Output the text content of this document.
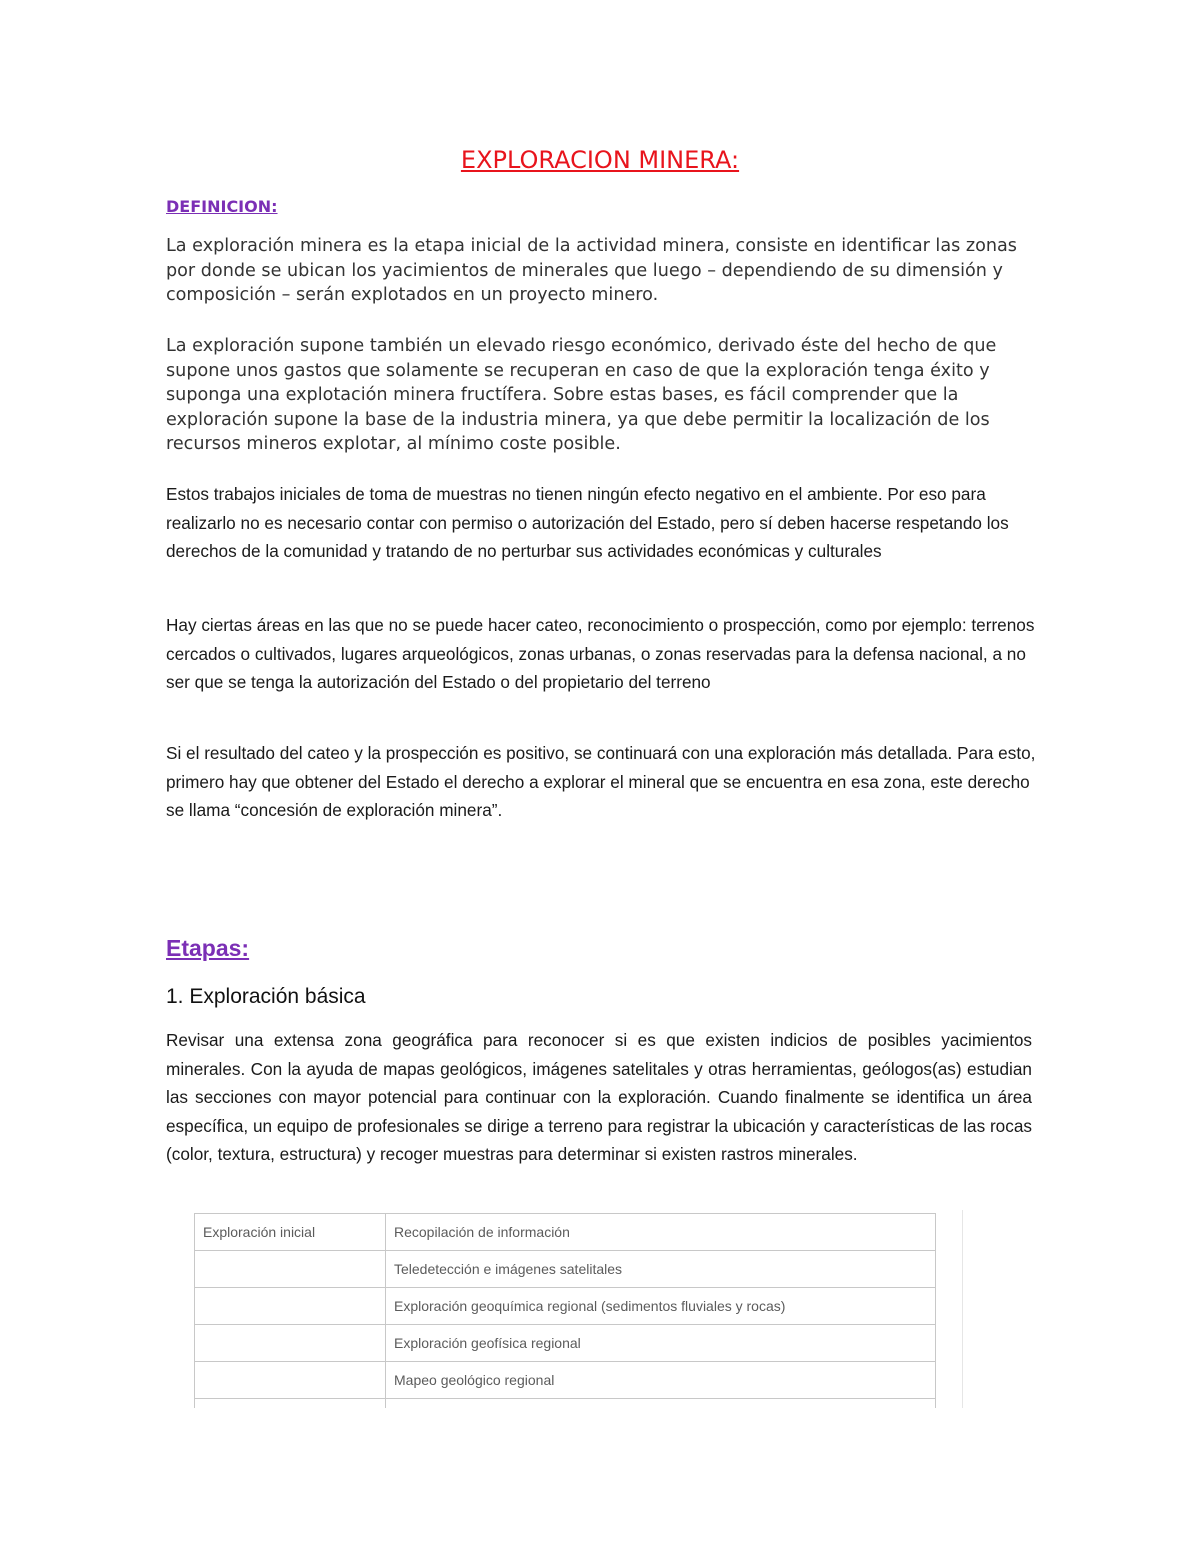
EXPLORACION MINERA:
DEFINICION:

La exploración minera es la etapa inicial de la actividad minera, consiste en identificar las zonas por donde se ubican los yacimientos de minerales que luego – dependiendo de su dimensión y composición – serán explotados en un proyecto minero.

La exploración supone también un elevado riesgo económico, derivado éste del hecho de que supone unos gastos que solamente se recuperan en caso de que la exploración tenga éxito y suponga una explotación minera fructífera. Sobre estas bases, es fácil comprender que la exploración supone la base de la industria minera, ya que debe permitir la localización de los recursos mineros explotar, al mínimo coste posible.

Estos trabajos iniciales de toma de muestras no tienen ningún efecto negativo en el ambiente. Por eso para realizarlo no es necesario contar con permiso o autorización del Estado, pero sí deben hacerse respetando los derechos de la comunidad y tratando de no perturbar sus actividades económicas y culturales

Hay ciertas áreas en las que no se puede hacer cateo, reconocimiento o prospección, como por ejemplo: terrenos cercados o cultivados, lugares arqueológicos, zonas urbanas, o zonas reservadas para la defensa nacional, a no ser que se tenga la autorización del Estado o del propietario del terreno

Si el resultado del cateo y la prospección es positivo, se continuará con una exploración más detallada. Para esto, primero hay que obtener del Estado el derecho a explorar el mineral que se encuentra en esa zona, este derecho se llama “concesión de exploración minera”.

Etapas:
1. Exploración básica

Revisar una extensa zona geográfica para reconocer si es que existen indicios de posibles yacimientos minerales. Con la ayuda de mapas geológicos, imágenes satelitales y otras herramientas, geólogos(as) estudian las secciones con mayor potencial para continuar con la exploración. Cuando finalmente se identifica un área específica, un equipo de profesionales se dirige a terreno para registrar la ubicación y características de las rocas (color, textura, estructura) y recoger muestras para determinar si existen rastros minerales.

Exploración inicial	Recopilación de información
	Teledetección e imágenes satelitales
	Exploración geoquímica regional (sedimentos fluviales y rocas)
	Exploración geofísica regional
	Mapeo geológico regional
